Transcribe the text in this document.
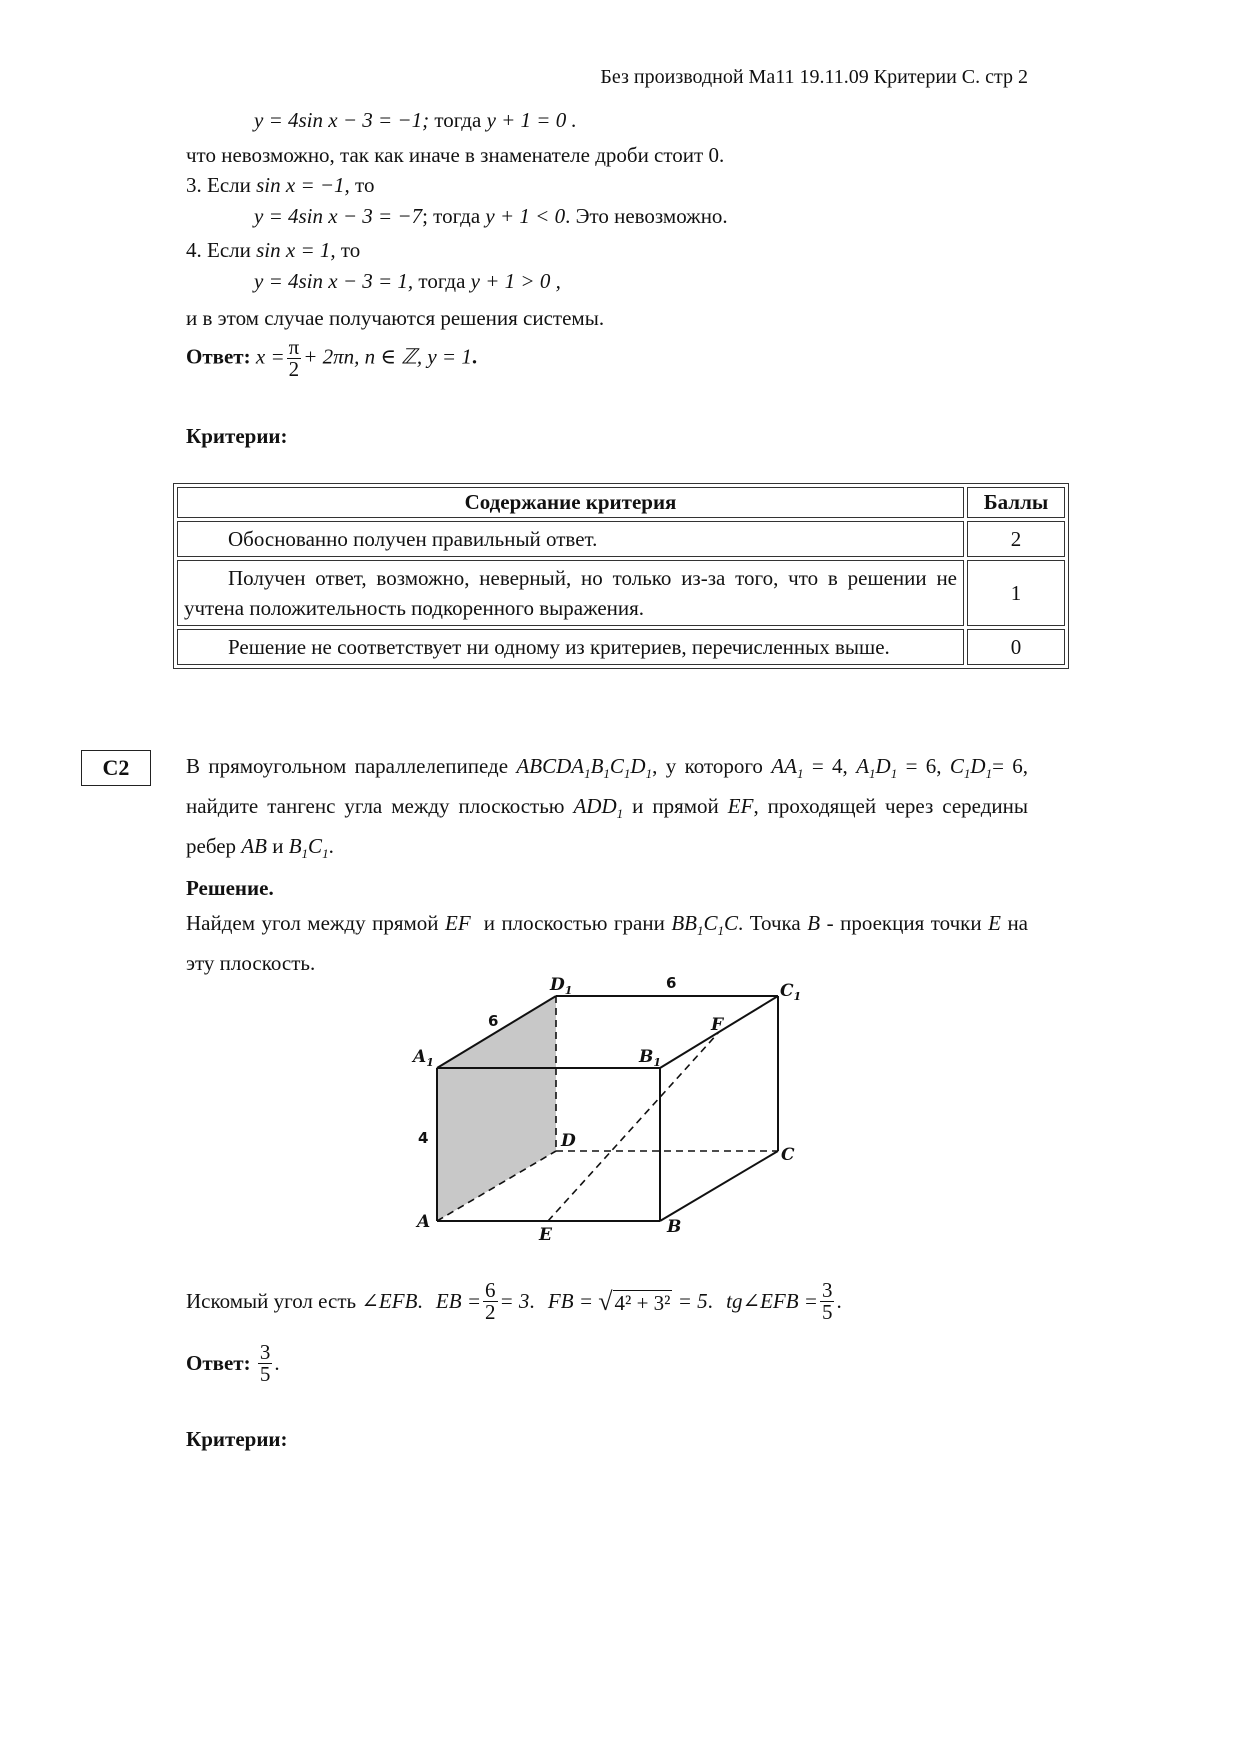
Без производной Ма11 19.11.09 Критерии С. стр 2
y = 4sin x − 3 = −1; тогда y + 1 = 0 .
что невозможно, так как иначе в знаменателе дроби стоит 0.
3. Если sin x = −1, то
y = 4sin x − 3 = −7; тогда y + 1 < 0. Это невозможно.
4. Если sin x = 1, то
y = 4sin x − 3 = 1, тогда y + 1 > 0 ,
и в этом случае получаются решения системы.
Ответ: $x = \frac{\pi}{2} + 2\pi n$, n ∈ ℤ, y = 1.
Критерии:
Содержание критерия	Баллы
Обоснованно получен правильный ответ.	2
Получен ответ, возможно, неверный, но только из-за того, что в решении не учтена положительность подкоренного выражения.	1
Решение не соответствует ни одному из критериев, перечисленных выше.	0
C2	В прямоугольном параллелепипеде $ABCDA_1B_1C_1D_1$, у которого $AA_1 = 4$, $A_1D_1 = 6$, $C_1D_1= 6$, найдите тангенс угла между плоскостью $ADD_1$ и прямой EF, проходящей через середины ребер AB и $B_1C_1$.
Решение.
Найдем угол между прямой EF и плоскостью грани $BB_1C_1C$. Точка B - проекция точки E на эту плоскость.
$D_1$	$C_1$
$A_1$	$B_1$
F
D
C
A	B
E
6
6
4
Искомый угол есть ∠EFB. EB = $\frac{6}{2} = 3$. FB = √4² + 3² = 5. tg∠EFB = $\frac{3}{5}$ .
Ответ: $\frac{3}{5}$ .
Критерии:
